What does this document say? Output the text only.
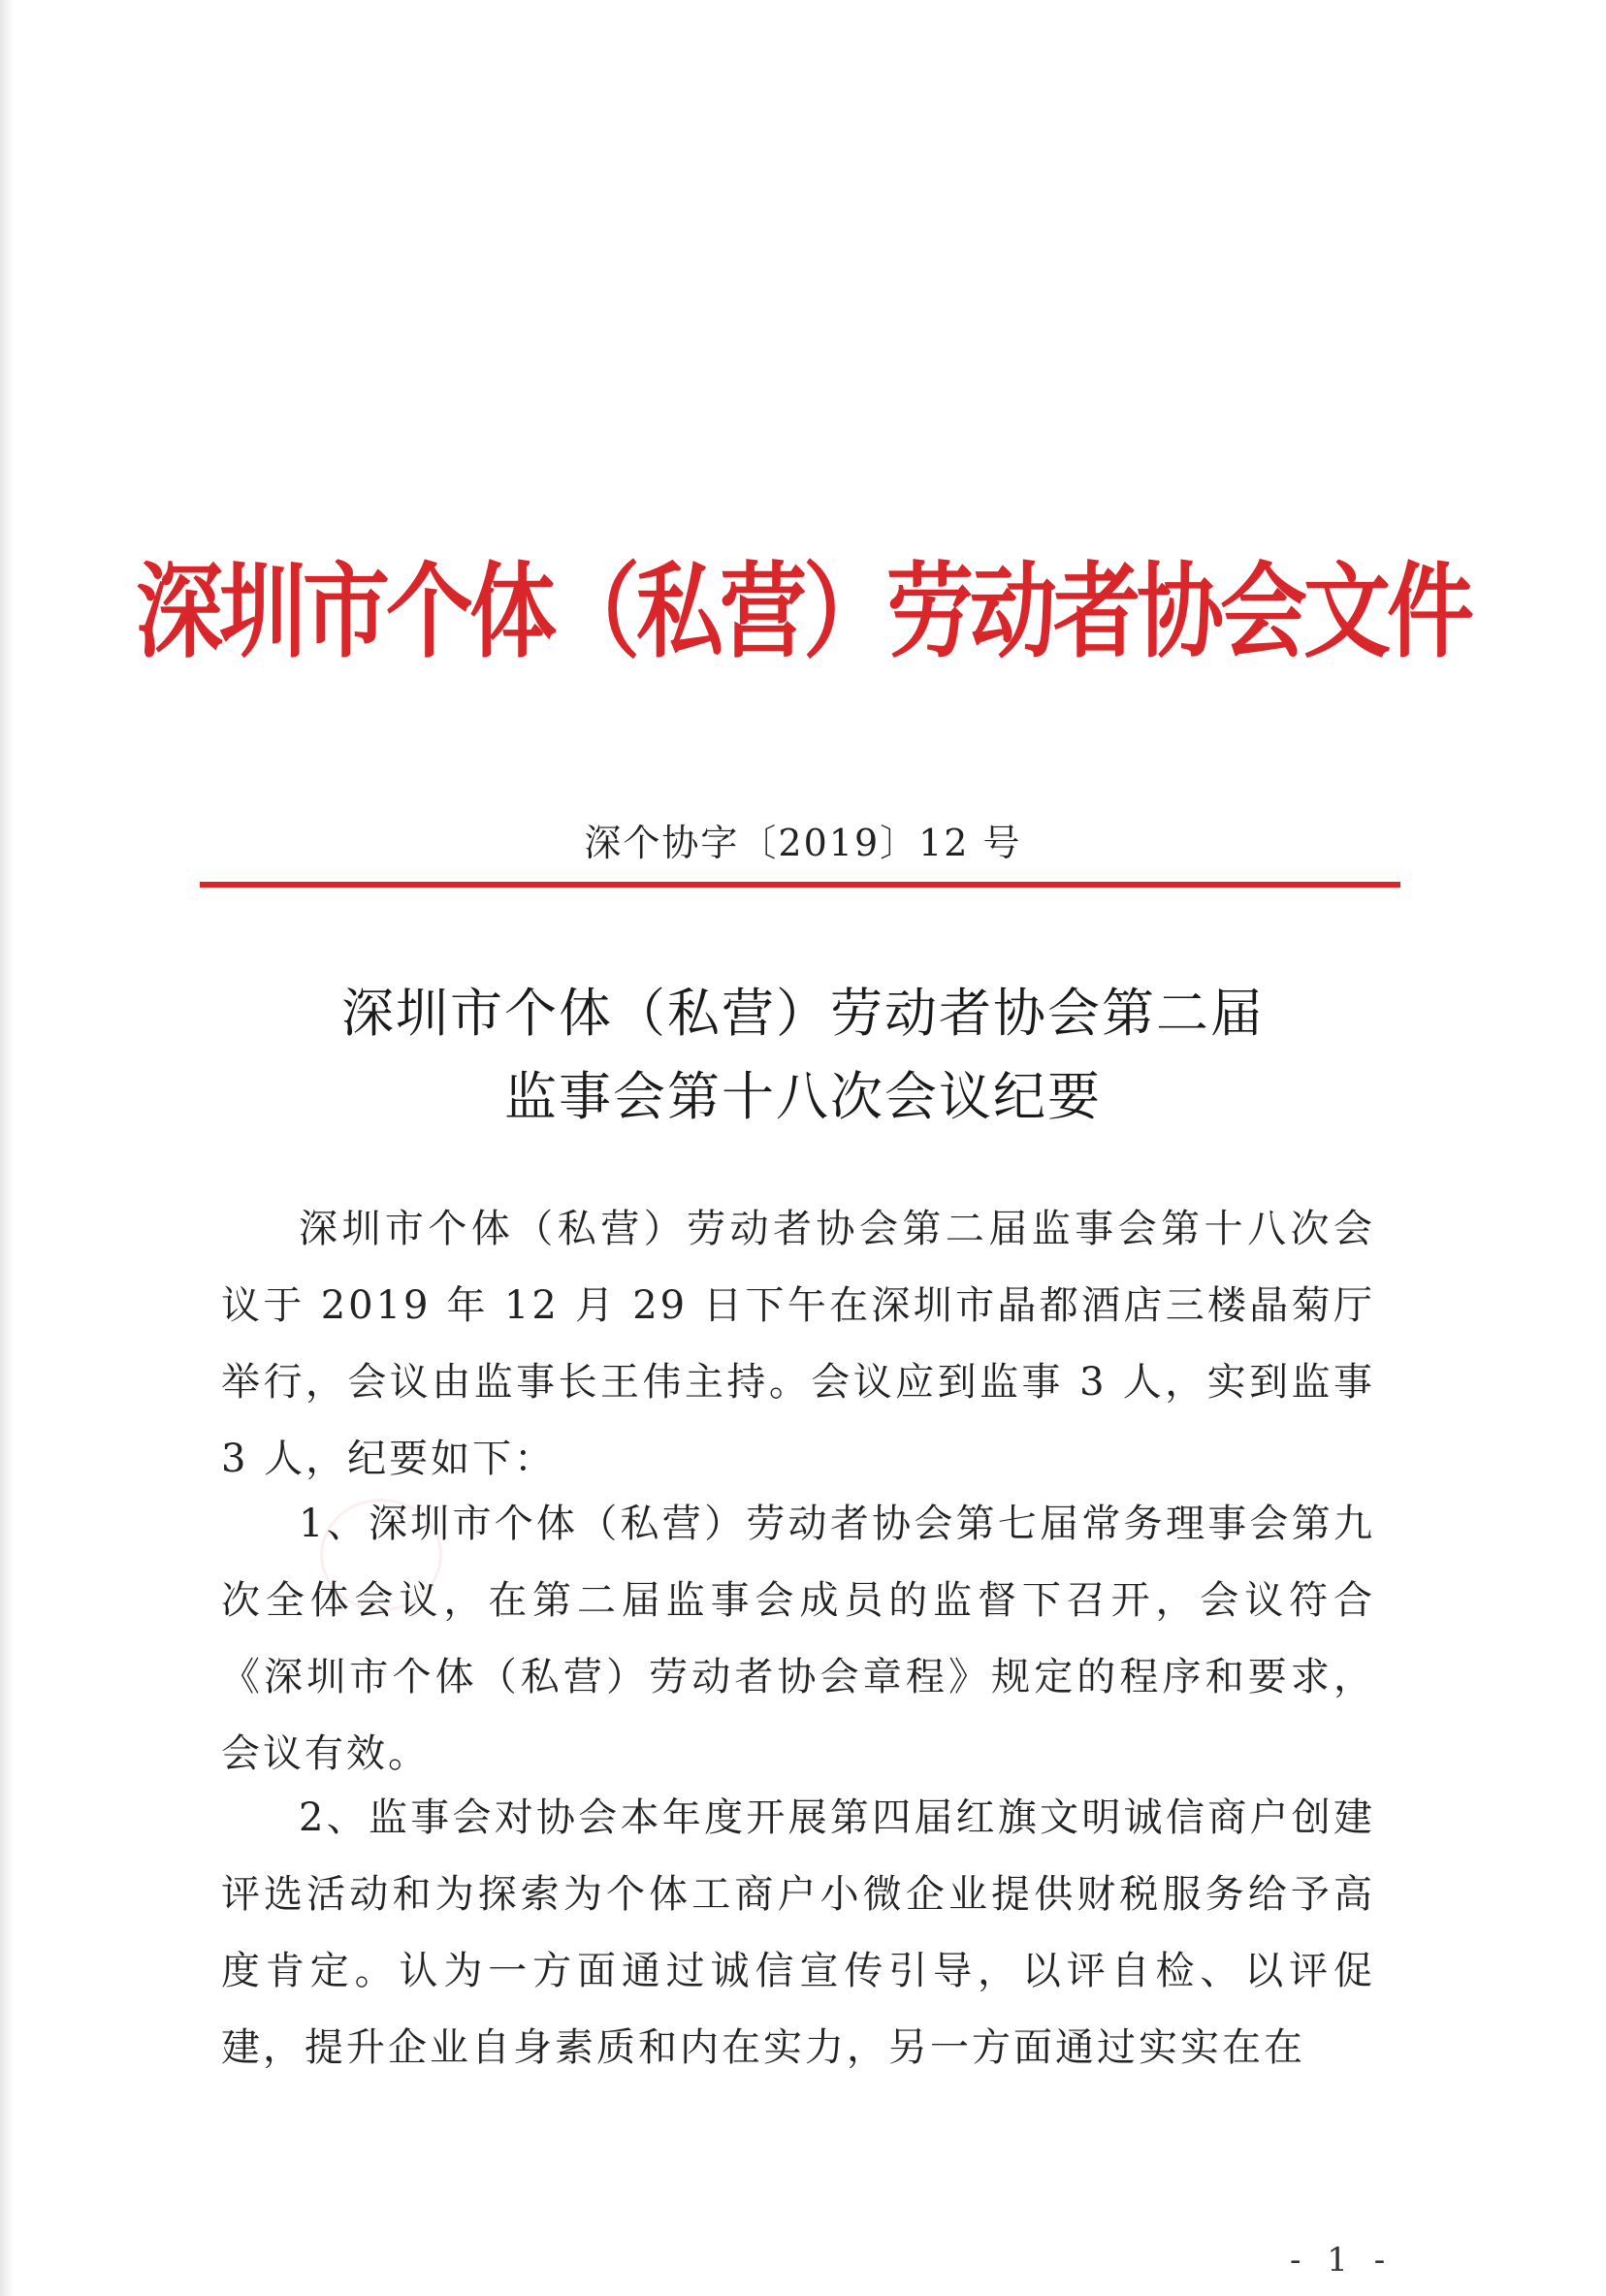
深圳市个体（私营）劳动者协会文件
深个协字〔2019〕12 号
深圳市个体（私营）劳动者协会第二届
监事会第十八次会议纪要

深圳市个体（私营）劳动者协会第二届监事会第十八次会议于 2019 年 12 月 29 日下午在深圳市晶都酒店三楼晶菊厅举行，会议由监事长王伟主持。会议应到监事 3 人，实到监事 3 人，纪要如下：

1、深圳市个体（私营）劳动者协会第七届常务理事会第九次全体会议，在第二届监事会成员的监督下召开，会议符合《深圳市个体（私营）劳动者协会章程》规定的程序和要求，会议有效。

2、监事会对协会本年度开展第四届红旗文明诚信商户创建评选活动和为探索为个体工商户小微企业提供财税服务给予高度肯定。认为一方面通过诚信宣传引导，以评自检、以评促建，提升企业自身素质和内在实力，另一方面通过实实在在

- 1 -
